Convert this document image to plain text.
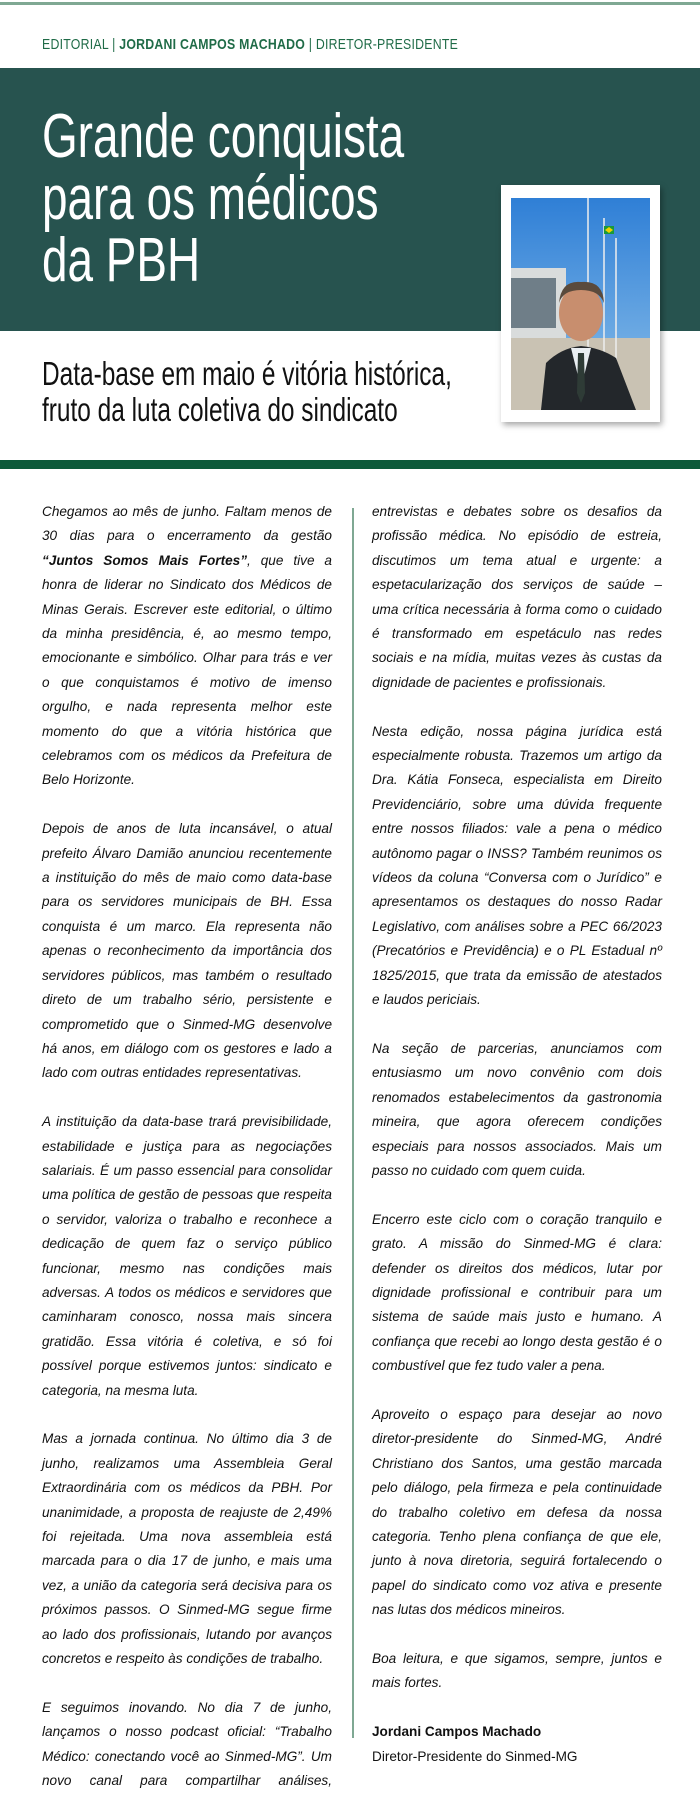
EDITORIAL | JORDANI CAMPOS MACHADO | DIRETOR-PRESIDENTE
Grande conquista
para os médicos
da PBH
Data-base em maio é vitória histórica,
fruto da luta coletiva do sindicato

Chegamos ao mês de junho. Faltam menos de 30 dias para o encerramento da gestão “Juntos Somos Mais Fortes”, que tive a honra de liderar no Sindicato dos Médicos de Minas Gerais. Escrever este editorial, o último da minha presidência, é, ao mesmo tempo, emocionante e simbólico. Olhar para trás e ver o que conquistamos é motivo de imenso orgulho, e nada representa melhor este momento do que a vitória histórica que celebramos com os médicos da Prefeitura de Belo Horizonte.

Depois de anos de luta incansável, o atual prefeito Álvaro Damião anunciou recentemente a instituição do mês de maio como data-base para os servidores municipais de BH. Essa conquista é um marco. Ela representa não apenas o reconhecimento da importância dos servidores públicos, mas também o resultado direto de um trabalho sério, persistente e comprometido que o Sinmed-MG desenvolve há anos, em diálogo com os gestores e lado a lado com outras entidades representativas.

A instituição da data-base trará previsibilidade, estabilidade e justiça para as negociações salariais. É um passo essencial para consolidar uma política de gestão de pessoas que respeita o servidor, valoriza o trabalho e reconhece a dedicação de quem faz o serviço público funcionar, mesmo nas condições mais adversas. A todos os médicos e servidores que caminharam conosco, nossa mais sincera gratidão. Essa vitória é coletiva, e só foi possível porque estivemos juntos: sindicato e categoria, na mesma luta.

Mas a jornada continua. No último dia 3 de junho, realizamos uma Assembleia Geral Extraordinária com os médicos da PBH. Por unanimidade, a proposta de reajuste de 2,49% foi rejeitada. Uma nova assembleia está marcada para o dia 17 de junho, e mais uma vez, a união da categoria será decisiva para os próximos passos. O Sinmed-MG segue firme ao lado dos profissionais, lutando por avanços concretos e respeito às condições de trabalho.

E seguimos inovando. No dia 7 de junho, lançamos o nosso podcast oficial: “Trabalho Médico: conectando você ao Sinmed-MG”. Um novo canal para compartilhar análises,

entrevistas e debates sobre os desafios da profissão médica. No episódio de estreia, discutimos um tema atual e urgente: a espetacularização dos serviços de saúde – uma crítica necessária à forma como o cuidado é transformado em espetáculo nas redes sociais e na mídia, muitas vezes às custas da dignidade de pacientes e profissionais.

Nesta edição, nossa página jurídica está especialmente robusta. Trazemos um artigo da Dra. Kátia Fonseca, especialista em Direito Previdenciário, sobre uma dúvida frequente entre nossos filiados: vale a pena o médico autônomo pagar o INSS? Também reunimos os vídeos da coluna “Conversa com o Jurídico” e apresentamos os destaques do nosso Radar Legislativo, com análises sobre a PEC 66/2023 (Precatórios e Previdência) e o PL Estadual nº 1825/2015, que trata da emissão de atestados e laudos periciais.

Na seção de parcerias, anunciamos com entusiasmo um novo convênio com dois renomados estabelecimentos da gastronomia mineira, que agora oferecem condições especiais para nossos associados. Mais um passo no cuidado com quem cuida.

Encerro este ciclo com o coração tranquilo e grato. A missão do Sinmed-MG é clara: defender os direitos dos médicos, lutar por dignidade profissional e contribuir para um sistema de saúde mais justo e humano. A confiança que recebi ao longo desta gestão é o combustível que fez tudo valer a pena.

Aproveito o espaço para desejar ao novo diretor-presidente do Sinmed-MG, André Christiano dos Santos, uma gestão marcada pelo diálogo, pela firmeza e pela continuidade do trabalho coletivo em defesa da nossa categoria. Tenho plena confiança de que ele, junto à nova diretoria, seguirá fortalecendo o papel do sindicato como voz ativa e presente nas lutas dos médicos mineiros.

Boa leitura, e que sigamos, sempre, juntos e mais fortes.

Jordani Campos Machado
Diretor-Presidente do Sinmed-MG
